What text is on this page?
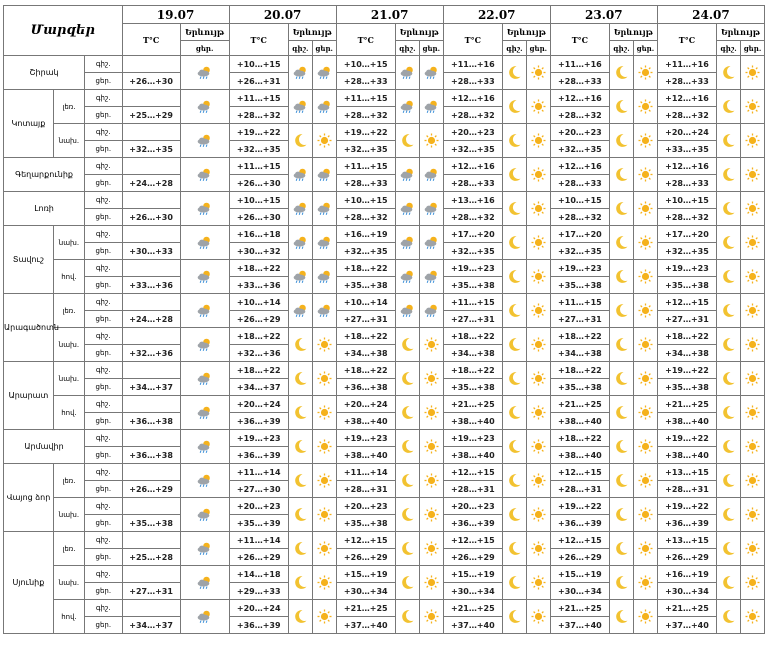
Մարզեր			19.07		20.07			21.07			22.07			23.07			24.07		
			T°C	Երևույթ	T°C	Երևույթ		T°C	Երևույթ		T°C	Երևույթ		T°C	Երևույթ		T°C	Երևույթ	
				ցեր.		գիշ.	ցեր.		գիշ.	ցեր.		գիշ.	ցեր.		գիշ.	ցեր.		գիշ.	ցեր.
Շիրակ		գիշ.			+10…+15			+10…+15			+11…+16			+11…+16			+11…+16		
		ցեր.	+26…+30		+26…+31			+28…+33			+28…+33			+28…+33			+28…+33		
Կոտայք	լեռ.	գիշ.			+11…+15			+11…+15			+12…+16			+12…+16			+12…+16		
		ցեր.	+25…+29		+28…+32			+28…+32			+28…+32			+28…+32			+28…+32		
	նախ.	գիշ.			+19…+22			+19…+22			+20…+23			+20…+23			+20…+24		
		ցեր.	+32…+35		+32…+35			+32…+35			+32…+35			+32…+35			+33…+35		
Գեղարքունիք		գիշ.			+11…+15			+11…+15			+12…+16			+12…+16			+12…+16		
		ցեր.	+24…+28		+26…+30			+28…+33			+28…+33			+28…+33			+28…+33		
Լոռի		գիշ.			+10…+15			+10…+15			+13…+16			+10…+15			+10…+15		
		ցեր.	+26…+30		+26…+30			+28…+32			+28…+32			+28…+32			+28…+32		
Տավուշ	նախ.	գիշ.			+16…+18			+16…+19			+17…+20			+17…+20			+17…+20		
		ցեր.	+30…+33		+30…+32			+32…+35			+32…+35			+32…+35			+32…+35		
	հով.	գիշ.			+18…+22			+18…+22			+19…+23			+19…+23			+19…+23		
		ցեր.	+33…+36		+33…+36			+35…+38			+35…+38			+35…+38			+35…+38		
Արագածոտն	լեռ.	գիշ.			+10…+14			+10…+14			+11…+15			+11…+15			+12…+15		
		ցեր.	+24…+28		+26…+29			+27…+31			+27…+31			+27…+31			+27…+31		
	նախ.	գիշ.			+18…+22			+18…+22			+18…+22			+18…+22			+18…+22		
		ցեր.	+32…+36		+32…+36			+34…+38			+34…+38			+34…+38			+34…+38		
Արարատ	նախ.	գիշ.			+18…+22			+18…+22			+18…+22			+18…+22			+19…+22		
		ցեր.	+34…+37		+34…+37			+36…+38			+35…+38			+35…+38			+35…+38		
	հով.	գիշ.			+20…+24			+20…+24			+21…+25			+21…+25			+21…+25		
		ցեր.	+36…+38		+36…+39			+38…+40			+38…+40			+38…+40			+38…+40		
Արմավիր		գիշ.			+19…+23			+19…+23			+19…+23			+18…+22			+19…+22		
		ցեր.	+36…+38		+36…+39			+38…+40			+38…+40			+38…+40			+38…+40		
Վայոց ձոր	լեռ.	գիշ.			+11…+14			+11…+14			+12…+15			+12…+15			+13…+15		
		ցեր.	+26…+29		+27…+30			+28…+31			+28…+31			+28…+31			+28…+31		
	նախ.	գիշ.			+20…+23			+20…+23			+20…+23			+19…+22			+19…+22		
		ցեր.	+35…+38		+35…+39			+35…+38			+36…+39			+36…+39			+36…+39		
Սյունիք	լեռ.	գիշ.			+11…+14			+12…+15			+12…+15			+12…+15			+13…+15		
		ցեր.	+25…+28		+26…+29			+26…+29			+26…+29			+26…+29			+26…+29		
	նախ.	գիշ.			+14…+18			+15…+19			+15…+19			+15…+19			+16…+19		
		ցեր.	+27…+31		+29…+33			+30…+34			+30…+34			+30…+34			+30…+34		
	հով.	գիշ.			+20…+24			+21…+25			+21…+25			+21…+25			+21…+25		
		ցեր.	+34…+37		+36…+39			+37…+40			+37…+40			+37…+40			+37…+40		
